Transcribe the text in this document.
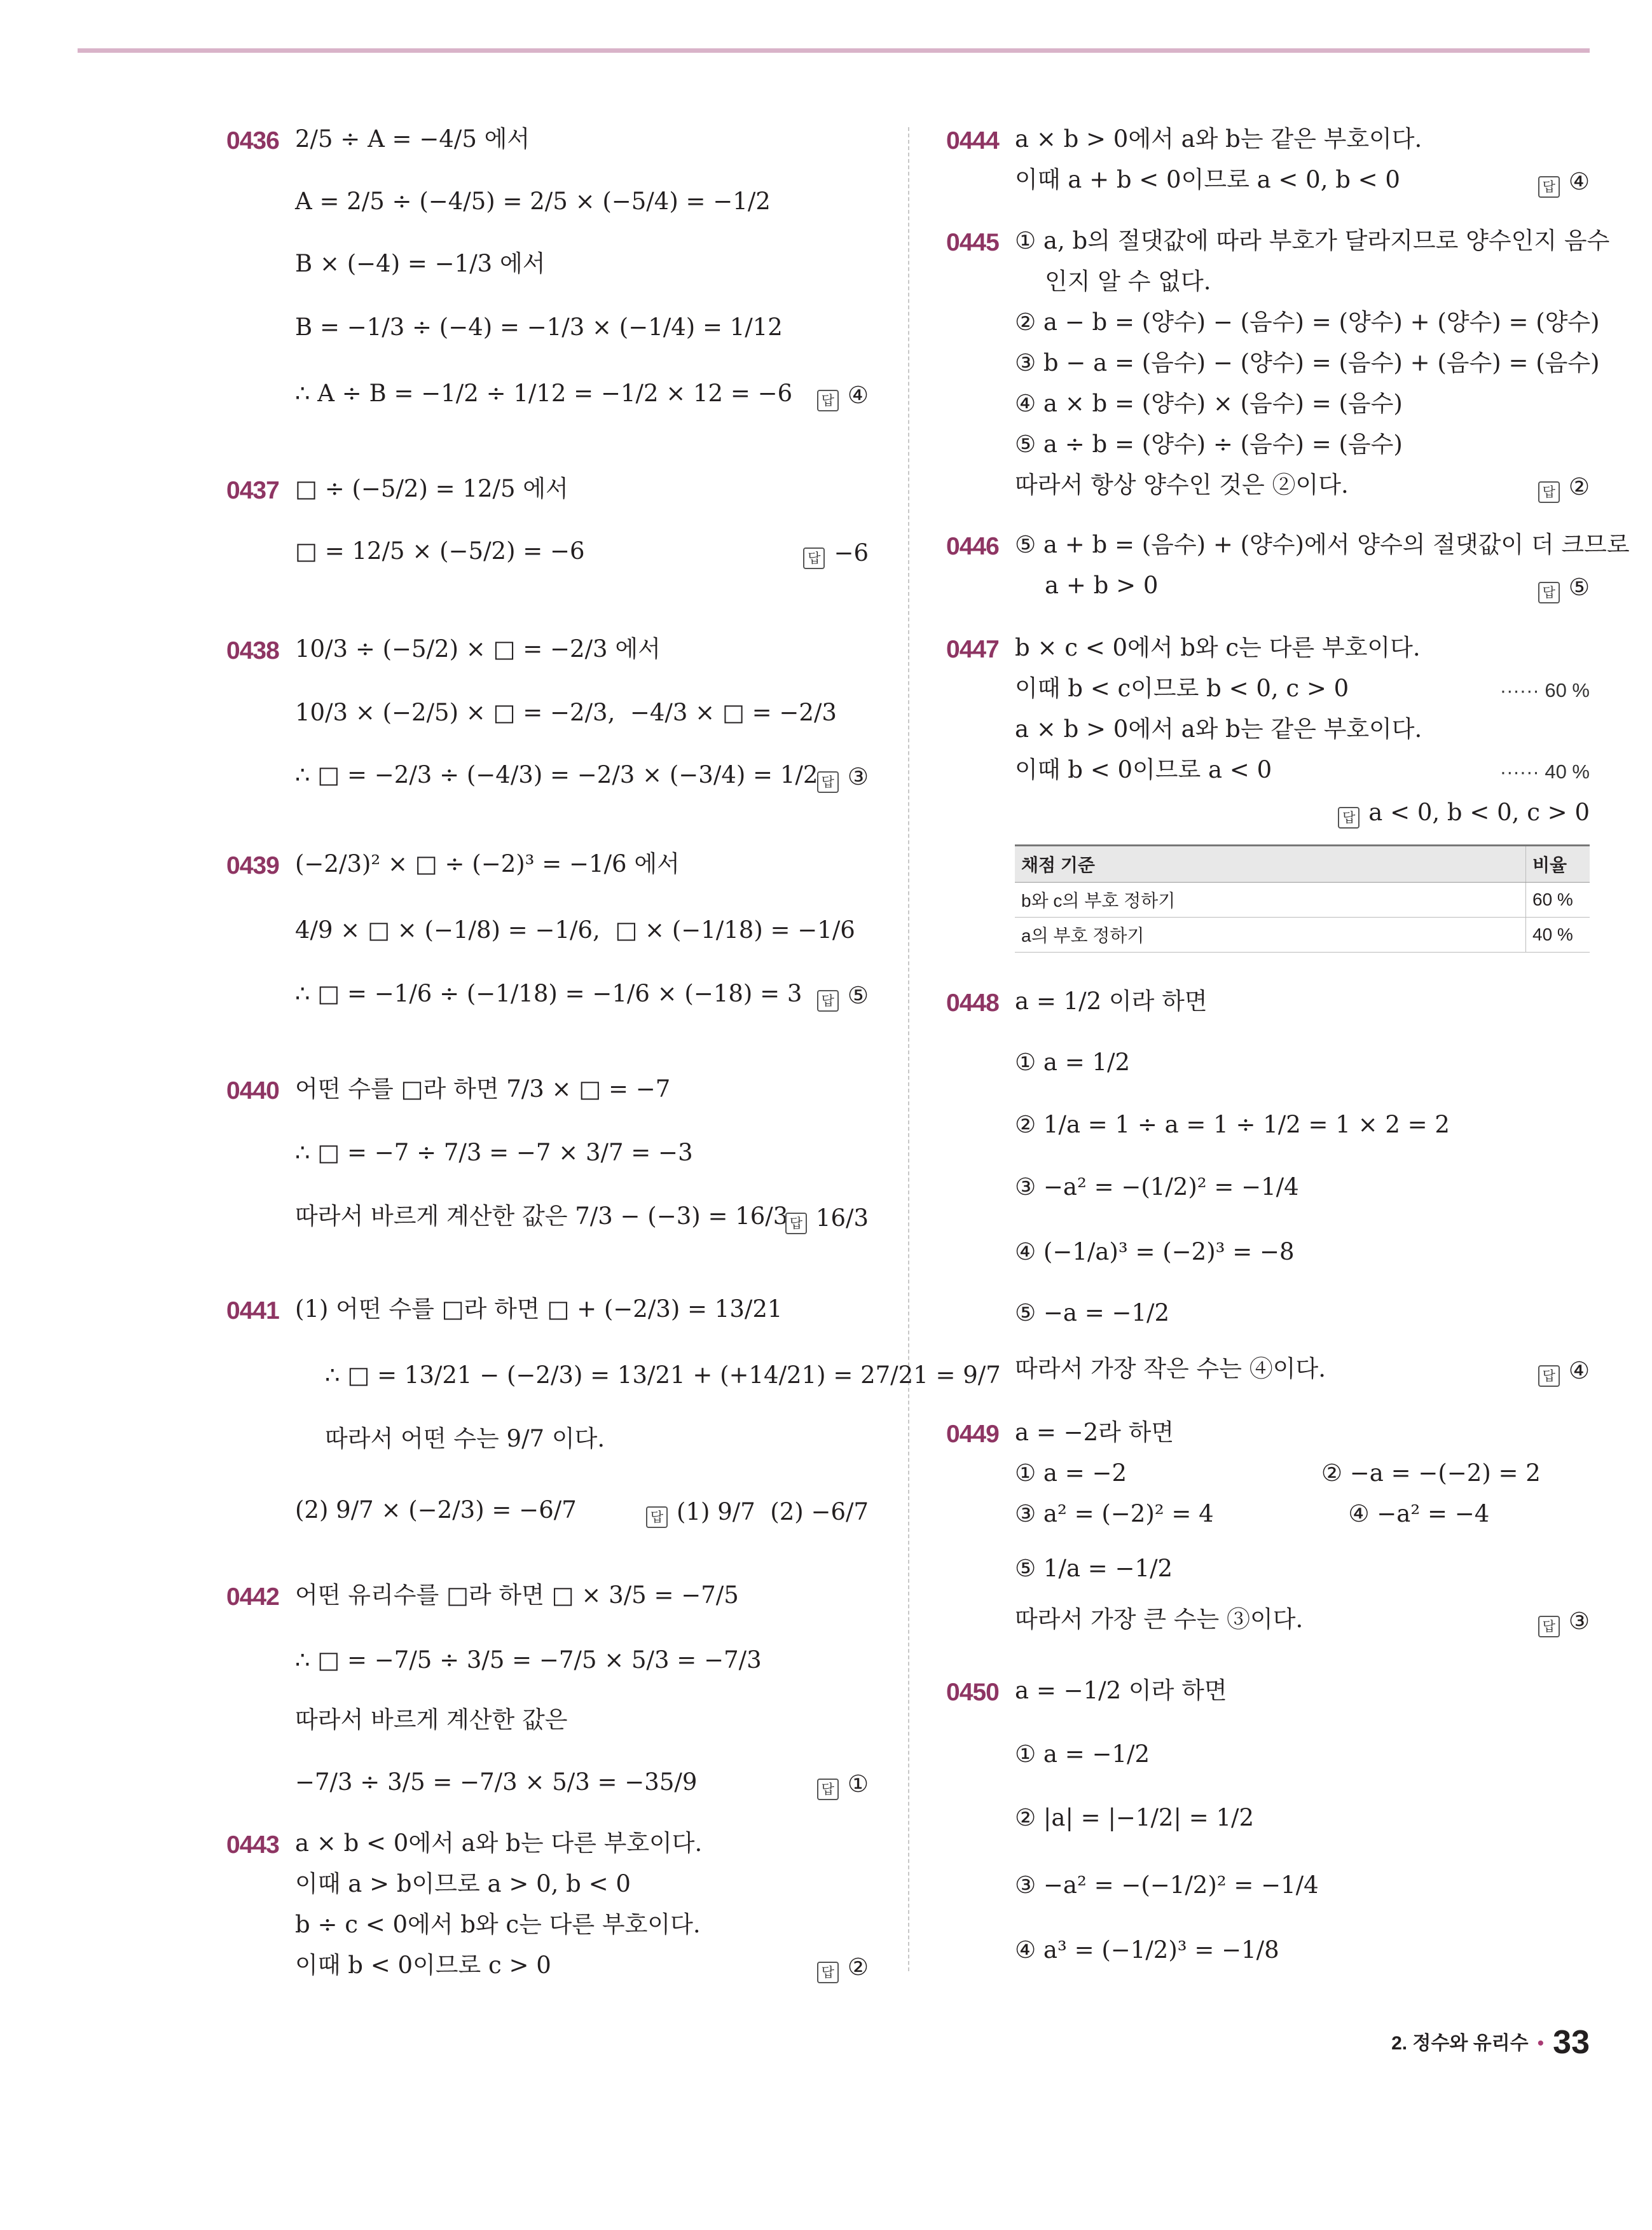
0436 2/5 ÷ A = −4/5 에서
A = 2/5 ÷ (−4/5) = 2/5 × (−5/4) = −1/2
B × (−4) = −1/3 에서
B = −1/3 ÷ (−4) = −1/3 × (−1/4) = 1/12
∴ A ÷ B = −1/2 ÷ 1/12 = −1/2 × 12 = −6	답 ④
0437 □ ÷ (−5/2) = 12/5 에서
□ = 12/5 × (−5/2) = −6	답 −6
0438 10/3 ÷ (−5/2) × □ = −2/3 에서
10/3 × (−2/5) × □ = −2/3,  −4/3 × □ = −2/3
∴ □ = −2/3 ÷ (−4/3) = −2/3 × (−3/4) = 1/2 답 ③
0439 (−2/3)² × □ ÷ (−2)³ = −1/6 에서
4/9 × □ × (−1/8) = −1/6,  □ × (−1/18) = −1/6
∴ □ = −1/6 ÷ (−1/18) = −1/6 × (−18) = 3	답 ⑤
0440 어떤 수를 □라 하면 7/3 × □ = −7
∴ □ = −7 ÷ 7/3 = −7 × 3/7 = −3
따라서 바르게 계산한 값은 7/3 − (−3) = 16/3 답 16/3
0441 (1) 어떤 수를 □라 하면 □ + (−2/3) = 13/21
∴ □ = 13/21 − (−2/3) = 13/21 + (+14/21) = 27/21 = 9/7
따라서 어떤 수는 9/7 이다.
(2) 9/7 × (−2/3) = −6/7	답 (1) 9/7  (2) −6/7
0442 어떤 유리수를 □라 하면 □ × 3/5 = −7/5
∴ □ = −7/5 ÷ 3/5 = −7/5 × 5/3 = −7/3
따라서 바르게 계산한 값은
−7/3 ÷ 3/5 = −7/3 × 5/3 = −35/9	답 ①
0443 a × b < 0에서 a와 b는 다른 부호이다.
이때 a > b이므로 a > 0, b < 0
b ÷ c < 0에서 b와 c는 다른 부호이다.
이때 b < 0이므로 c > 0	답 ②
0444 a × b > 0에서 a와 b는 같은 부호이다.
이때 a + b < 0이므로 a < 0, b < 0	답 ④
0445 ① a, b의 절댓값에 따라 부호가 달라지므로 양수인지 음수
인지 알 수 없다.
② a − b = (양수) − (음수) = (양수) + (양수) = (양수)
③ b − a = (음수) − (양수) = (음수) + (음수) = (음수)
④ a × b = (양수) × (음수) = (음수)
⑤ a ÷ b = (양수) ÷ (음수) = (음수)
따라서 항상 양수인 것은 ②이다.	답 ②
0446 ⑤ a + b = (음수) + (양수)에서 양수의 절댓값이 더 크므로
a + b > 0	답 ⑤
0447 b × c < 0에서 b와 c는 다른 부호이다.
이때 b < c이므로 b < 0, c > 0
a × b > 0에서 a와 b는 같은 부호이다.
이때 b < 0이므로 a < 0
······ 60 %
······ 40 %
답 a < 0, b < 0, c > 0
채점 기준	비율
b와 c의 부호 정하기	60 %
a의 부호 정하기	40 %
0448 a = 1/2 이라 하면
① a = 1/2
② 1/a = 1 ÷ a = 1 ÷ 1/2 = 1 × 2 = 2
③ −a² = −(1/2)² = −1/4
④ (−1/a)³ = (−2)³ = −8
⑤ −a = −1/2
따라서 가장 작은 수는 ④이다.	답 ④
0449 a = −2라 하면
① a = −2                          ② −a = −(−2) = 2
③ a² = (−2)² = 4                  ④ −a² = −4
⑤ 1/a = −1/2
따라서 가장 큰 수는 ③이다.	답 ③
0450 a = −1/2 이라 하면
① a = −1/2
② |a| = |−1/2| = 1/2
③ −a² = −(−1/2)² = −1/4
④ a³ = (−1/2)³ = −1/8
2. 정수와 유리수 • 33
